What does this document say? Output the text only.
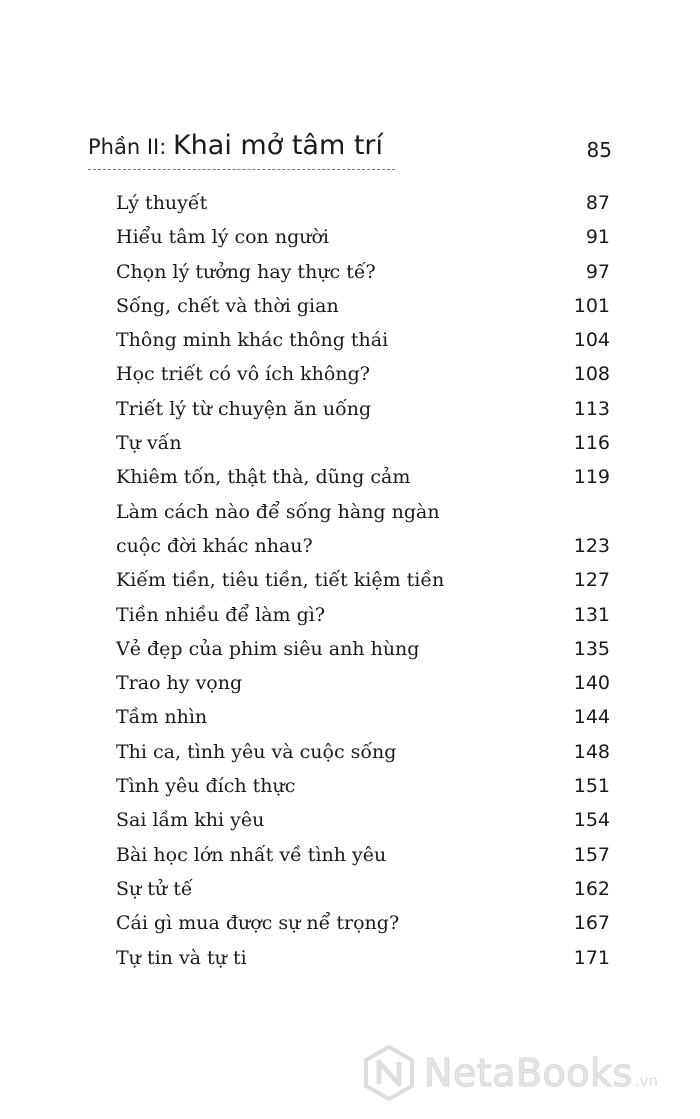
Phần II: Khai mở tâm trí	85
Lý thuyết	87
Hiểu tâm lý con người	91
Chọn lý tưởng hay thực tế?	97
Sống, chết và thời gian	101
Thông minh khác thông thái	104
Học triết có vô ích không?	108
Triết lý từ chuyện ăn uống	113
Tự vấn	116
Khiêm tốn, thật thà, dũng cảm	119
Làm cách nào để sống hàng ngàn
cuộc đời khác nhau?	123
Kiếm tiền, tiêu tiền, tiết kiệm tiền	127
Tiền nhiều để làm gì?	131
Vẻ đẹp của phim siêu anh hùng	135
Trao hy vọng	140
Tầm nhìn	144
Thi ca, tình yêu và cuộc sống	148
Tình yêu đích thực	151
Sai lầm khi yêu	154
Bài học lớn nhất về tình yêu	157
Sự tử tế	162
Cái gì mua được sự nể trọng?	167
Tự tin và tự ti	171
NetaBooks .vn
